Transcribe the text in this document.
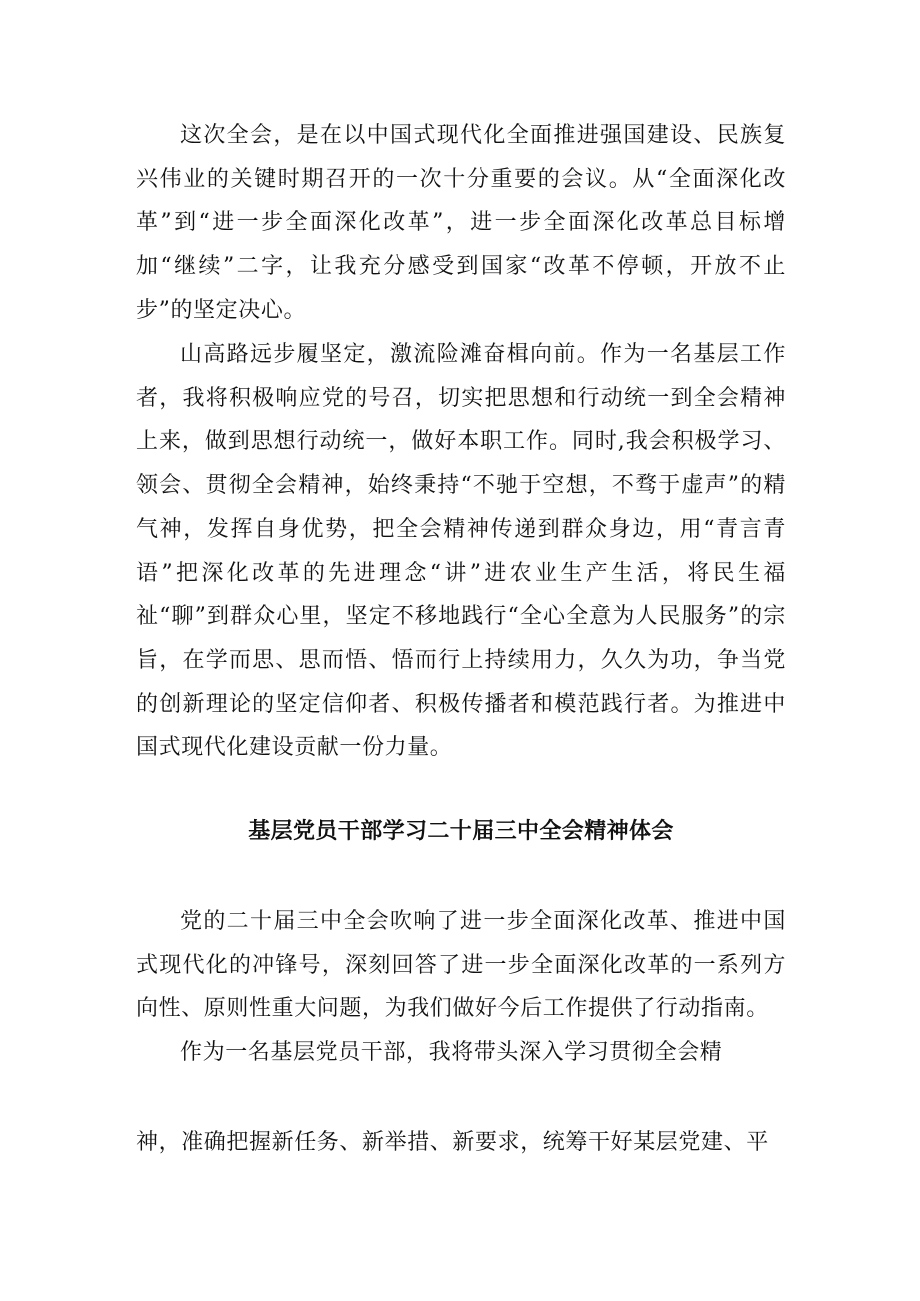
这次全会，是在以中国式现代化全面推进强国建设、民族复兴伟业的关键时期召开的一次十分重要的会议。从“全面深化改革”到“进一步全面深化改革”，进一步全面深化改革总目标增加“继续”二字，让我充分感受到国家“改革不停顿，开放不止步”的坚定决心。

山高路远步履坚定，激流险滩奋楫向前。作为一名基层工作者，我将积极响应党的号召，切实把思想和行动统一到全会精神上来，做到思想行动统一，做好本职工作。同时,我会积极学习、领会、贯彻全会精神，始终秉持“不驰于空想，不骛于虚声”的精气神，发挥自身优势，把全会精神传递到群众身边，用“青言青语”把深化改革的先进理念“讲”进农业生产生活，将民生福祉“聊”到群众心里，坚定不移地践行“全心全意为人民服务”的宗旨，在学而思、思而悟、悟而行上持续用力，久久为功，争当党的创新理论的坚定信仰者、积极传播者和模范践行者。为推进中国式现代化建设贡献一份力量。

基层党员干部学习二十届三中全会精神体会

党的二十届三中全会吹响了进一步全面深化改革、推进中国式现代化的冲锋号，深刻回答了进一步全面深化改革的一系列方向性、原则性重大问题，为我们做好今后工作提供了行动指南。

作为一名基层党员干部，我将带头深入学习贯彻全会精

神，准确把握新任务、新举措、新要求，统筹干好某层党建、平
